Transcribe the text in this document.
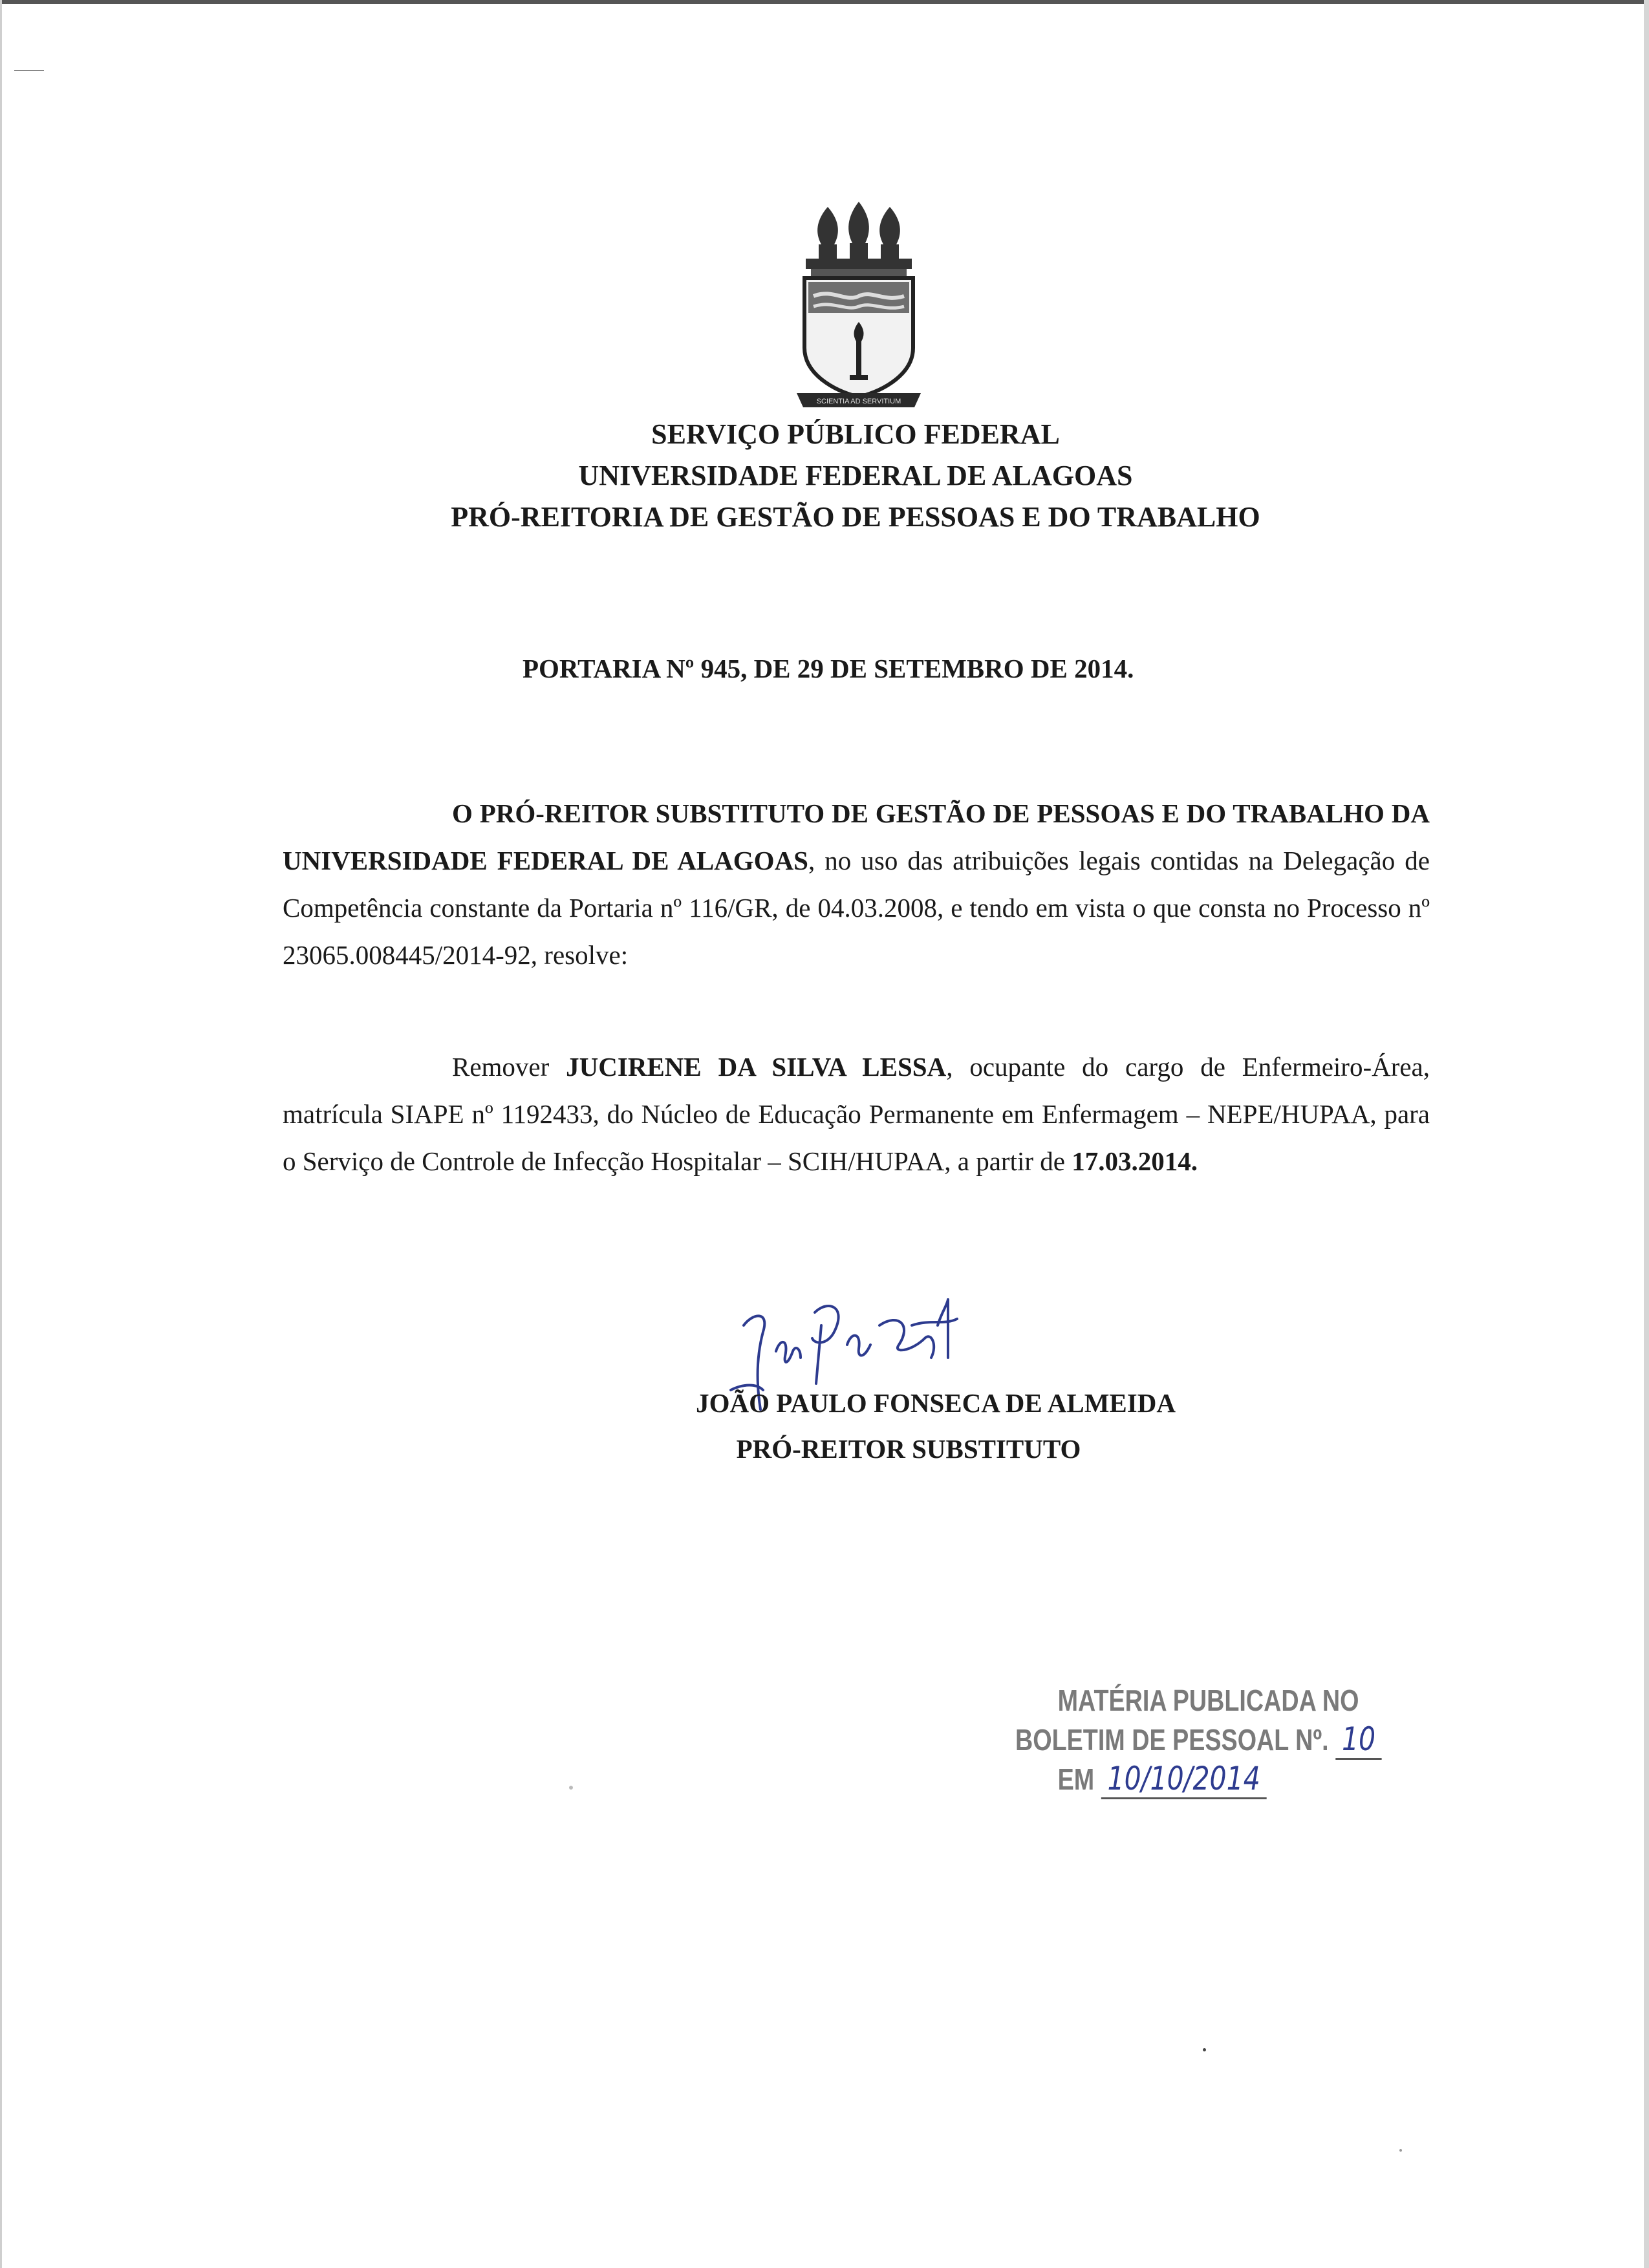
SCIENTIA AD SERVITIUM
SERVIÇO PÚBLICO FEDERAL
UNIVERSIDADE FEDERAL DE ALAGOAS
PRÓ-REITORIA DE GESTÃO DE PESSOAS E DO TRABALHO
PORTARIA Nº 945, DE 29 DE SETEMBRO DE 2014.
O PRÓ-REITOR SUBSTITUTO DE GESTÃO DE PESSOAS E DO TRABALHO DA UNIVERSIDADE FEDERAL DE ALAGOAS, no uso das atribuições legais contidas na Delegação de Competência constante da Portaria nº 116/GR, de 04.03.2008, e tendo em vista o que consta no Processo nº 23065.008445/2014-92, resolve:
Remover JUCIRENE DA SILVA LESSA, ocupante do cargo de Enfermeiro-Área, matrícula SIAPE nº 1192433, do Núcleo de Educação Permanente em Enfermagem – NEPE/HUPAA, para o Serviço de Controle de Infecção Hospitalar – SCIH/HUPAA, a partir de 17.03.2014.
JOÃO PAULO FONSECA DE ALMEIDA
PRÓ-REITOR SUBSTITUTO
MATÉRIA PUBLICADA NO
BOLETIM DE PESSOAL Nº. 10
EM 10/10/2014
